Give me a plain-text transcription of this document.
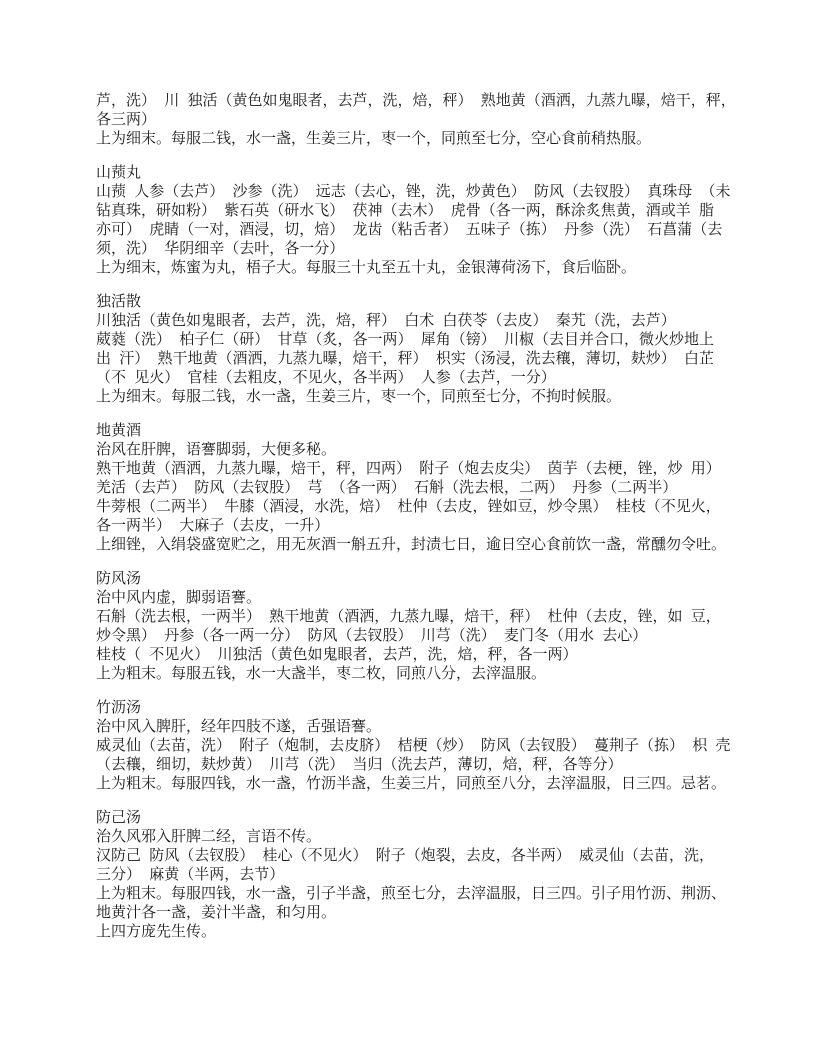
芦，洗） 川 独活（黄色如鬼眼者，去芦，洗，焙，秤） 熟地黄（酒洒，九蒸九曝，焙干，秤，
各三两）
上为细末。每服二钱，水一盏，生姜三片，枣一个，同煎至七分，空心食前稍热服。
山蓣丸
山蓣 人参（去芦） 沙参（洗） 远志（去心，锉，洗，炒黄色） 防风（去钗股） 真珠母 （未
钻真珠，研如粉） 紫石英（研水飞） 茯神（去木） 虎骨（各一两，酥涂炙焦黄，酒或羊 脂
亦可） 虎睛（一对，酒浸，切，焙） 龙齿（粘舌者） 五味子（拣） 丹参（洗） 石菖蒲（去
须，洗） 华阴细辛（去叶，各一分）
上为细末，炼蜜为丸，梧子大。每服三十丸至五十丸，金银薄荷汤下，食后临卧。
独活散
川独活（黄色如鬼眼者，去芦，洗，焙，秤） 白术 白茯苓（去皮） 秦艽（洗，去芦）
葳蕤（洗） 柏子仁（研） 甘草（炙，各一两） 犀角（镑） 川椒（去目并合口，微火炒地上
出 汗） 熟干地黄（酒洒，九蒸九曝，焙干，秤） 枳实（汤浸，洗去穰，薄切，麸炒） 白芷
（不 见火） 官桂（去粗皮，不见火，各半两） 人参（去芦，一分）
上为细末。每服二钱，水一盏，生姜三片，枣一个，同煎至七分，不拘时候服。
地黄酒
治风在肝脾，语謇脚弱，大便多秘。
熟干地黄（酒洒，九蒸九曝，焙干，秤，四两） 附子（炮去皮尖） 茵芋（去梗，锉，炒 用）
羌活（去芦） 防风（去钗股） 芎 （各一两） 石斛（洗去根，二两） 丹参（二两半）
牛蒡根（二两半） 牛膝（酒浸，水洗，焙） 杜仲（去皮，锉如豆，炒令黑） 桂枝（不见火，
各一两半） 大麻子（去皮，一升）
上细锉，入绢袋盛宽贮之，用无灰酒一斛五升，封渍七日，逾日空心食前饮一盏，常醺勿令吐。
防风汤
治中风内虚，脚弱语謇。
石斛（洗去根，一两半） 熟干地黄（酒洒，九蒸九曝，焙干，秤） 杜仲（去皮，锉，如 豆，
炒令黑） 丹参（各一两一分） 防风（去钗股） 川芎（洗） 麦门冬（用水 去心）
桂枝（ 不见火） 川独活（黄色如鬼眼者，去芦，洗，焙，秤，各一两）
上为粗末。每服五钱，水一大盏半，枣二枚，同煎八分，去滓温服。
竹沥汤
治中风入脾肝，经年四肢不遂，舌强语謇。
威灵仙（去苗，洗） 附子（炮制，去皮脐） 桔梗（炒） 防风（去钗股） 蔓荆子（拣） 枳 壳
（去穰，细切，麸炒黄） 川芎（洗） 当归（洗去芦，薄切，焙，秤，各等分）
上为粗末。每服四钱，水一盏，竹沥半盏，生姜三片，同煎至八分，去滓温服，日三四。忌茗。
防己汤
治久风邪入肝脾二经，言语不传。
汉防己 防风（去钗股） 桂心（不见火） 附子（炮裂，去皮，各半两） 威灵仙（去苗，洗，
三分） 麻黄（半两，去节）
上为粗末。每服四钱，水一盏，引子半盏，煎至七分，去滓温服，日三四。引子用竹沥、荆沥、
地黄汁各一盏，姜汁半盏，和匀用。
上四方庞先生传。
